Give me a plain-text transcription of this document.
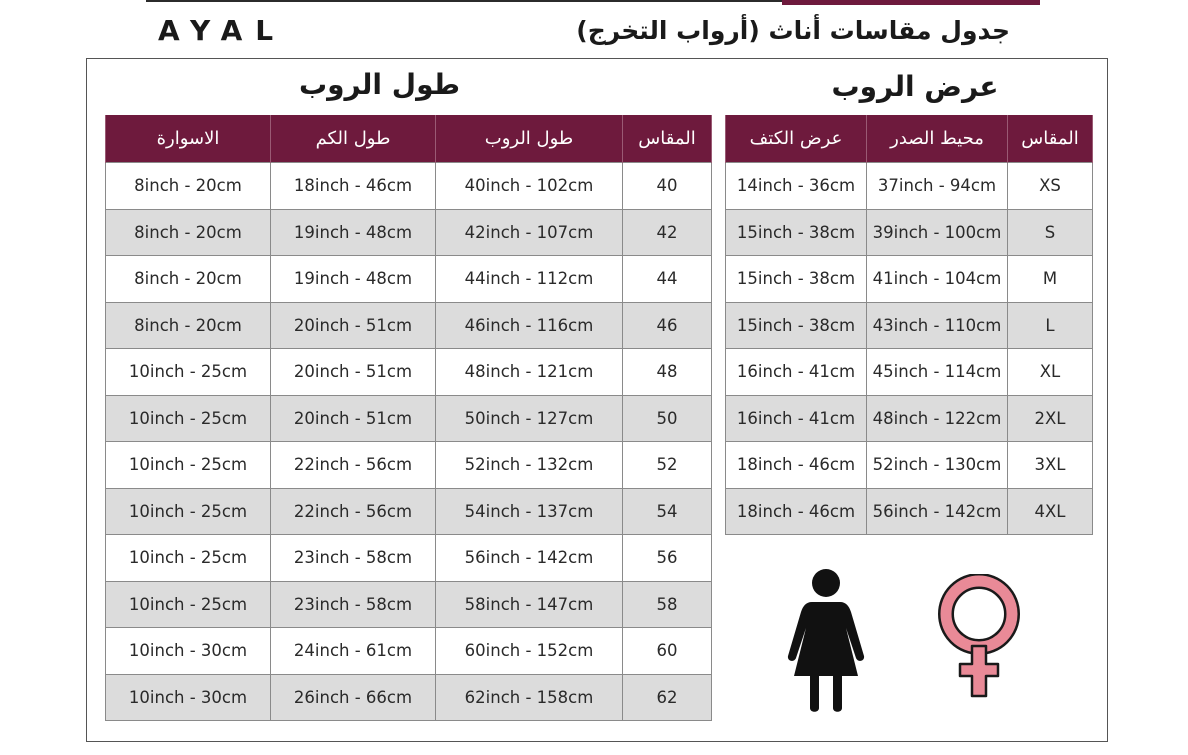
AYAL	جدول مقاسات أناث (أرواب التخرج)
طول الروب	عرض الروب
المقاس	طول الروب	طول الكم	الاسوارة
40	40inch - 102cm	18inch - 46cm	8inch - 20cm
42	42inch - 107cm	19inch - 48cm	8inch - 20cm
44	44inch - 112cm	19inch - 48cm	8inch - 20cm
46	46inch - 116cm	20inch - 51cm	8inch - 20cm
48	48inch - 121cm	20inch - 51cm	10inch - 25cm
50	50inch - 127cm	20inch - 51cm	10inch - 25cm
52	52inch - 132cm	22inch - 56cm	10inch - 25cm
54	54inch - 137cm	22inch - 56cm	10inch - 25cm
56	56inch - 142cm	23inch - 58cm	10inch - 25cm
58	58inch - 147cm	23inch - 58cm	10inch - 25cm
60	60inch - 152cm	24inch - 61cm	10inch - 30cm
62	62inch - 158cm	26inch - 66cm	10inch - 30cm
المقاس	محيط الصدر	عرض الكتف
XS	37inch - 94cm	14inch - 36cm
S	39inch - 100cm	15inch - 38cm
M	41inch - 104cm	15inch - 38cm
L	43inch - 110cm	15inch - 38cm
XL	45inch - 114cm	16inch - 41cm
2XL	48inch - 122cm	16inch - 41cm
3XL	52inch - 130cm	18inch - 46cm
4XL	56inch - 142cm	18inch - 46cm
